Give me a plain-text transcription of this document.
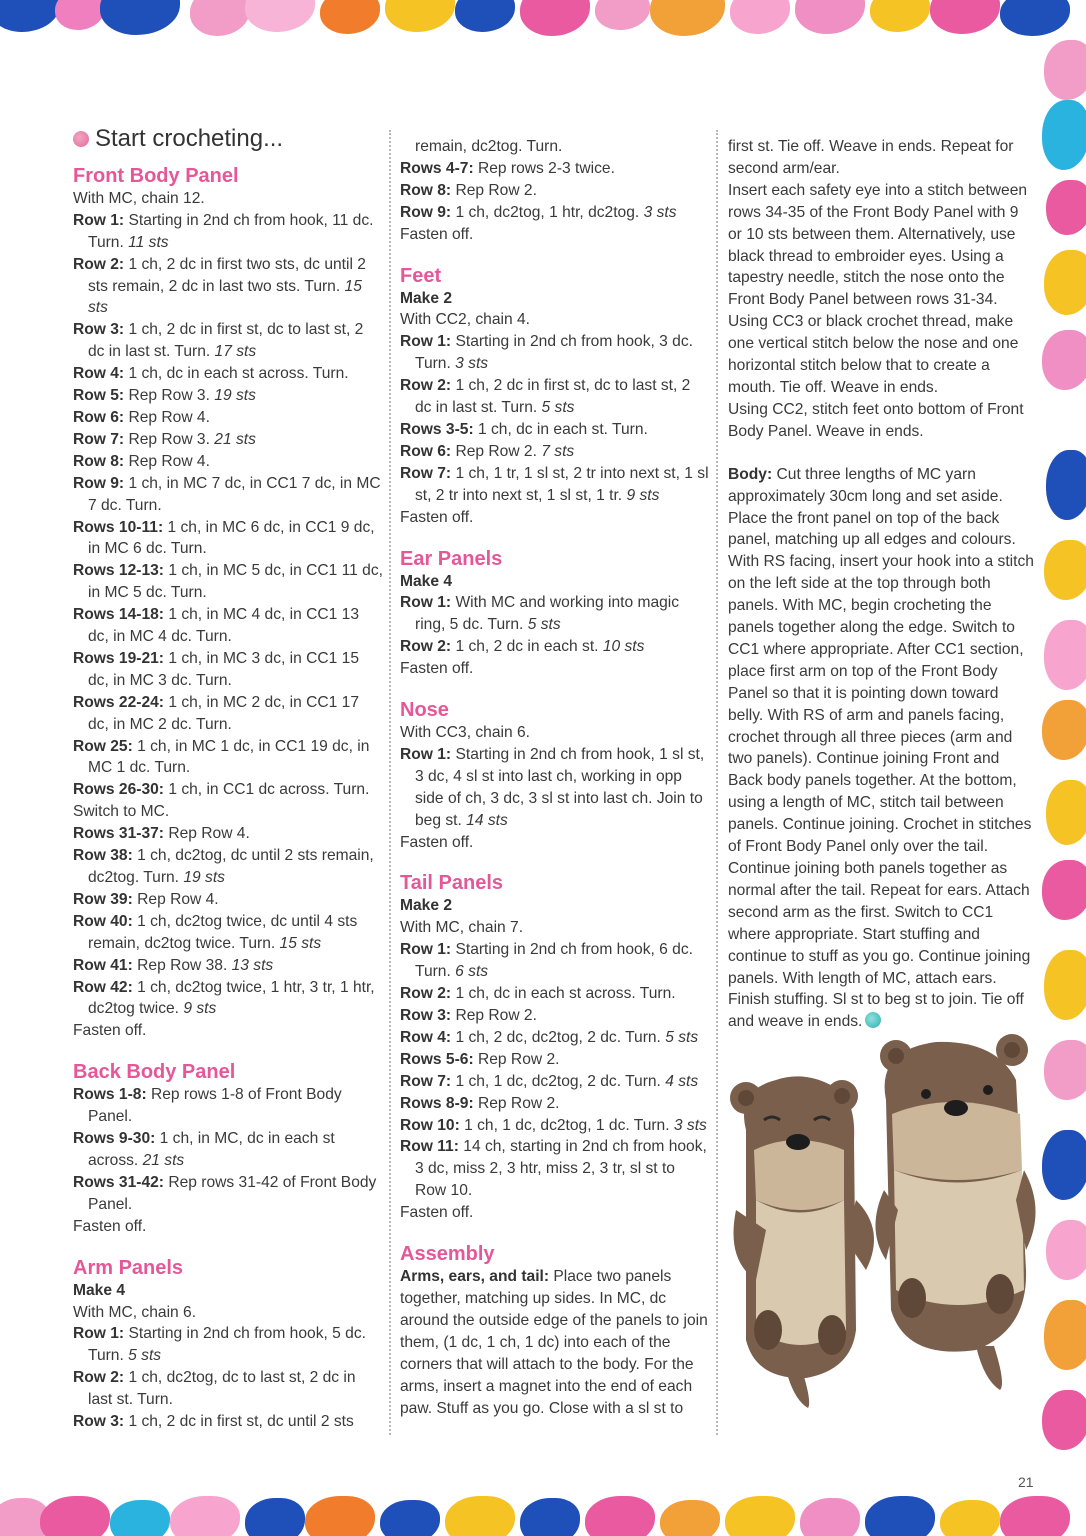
Start crocheting...
Front Body Panel

With MC, chain 12.

Row 1: Starting in 2nd ch from hook, 11 dc. Turn. 11 sts

Row 2: 1 ch, 2 dc in first two sts, dc until 2 sts remain, 2 dc in last two sts. Turn. 15 sts

Row 3: 1 ch, 2 dc in first st, dc to last st, 2 dc in last st. Turn. 17 sts

Row 4: 1 ch, dc in each st across. Turn.

Row 5: Rep Row 3. 19 sts

Row 6: Rep Row 4.

Row 7: Rep Row 3. 21 sts

Row 8: Rep Row 4.

Row 9: 1 ch, in MC 7 dc, in CC1 7 dc, in MC 7 dc. Turn.

Rows 10-11: 1 ch, in MC 6 dc, in CC1 9 dc, in MC 6 dc. Turn.

Rows 12-13: 1 ch, in MC 5 dc, in CC1 11 dc, in MC 5 dc. Turn.

Rows 14-18: 1 ch, in MC 4 dc, in CC1 13 dc, in MC 4 dc. Turn.

Rows 19-21: 1 ch, in MC 3 dc, in CC1 15 dc, in MC 3 dc. Turn.

Rows 22-24: 1 ch, in MC 2 dc, in CC1 17 dc, in MC 2 dc. Turn.

Row 25: 1 ch, in MC 1 dc, in CC1 19 dc, in MC 1 dc. Turn.

Rows 26-30: 1 ch, in CC1 dc across. Turn.

Switch to MC.

Rows 31-37: Rep Row 4.

Row 38: 1 ch, dc2tog, dc until 2 sts remain, dc2tog. Turn. 19 sts

Row 39: Rep Row 4.

Row 40: 1 ch, dc2tog twice, dc until 4 sts remain, dc2tog twice. Turn. 15 sts

Row 41: Rep Row 38. 13 sts

Row 42: 1 ch, dc2tog twice, 1 htr, 3 tr, 1 htr, dc2tog twice. 9 sts

Fasten off.

Back Body Panel

Rows 1-8: Rep rows 1-8 of Front Body Panel.

Rows 9-30: 1 ch, in MC, dc in each st across. 21 sts

Rows 31-42: Rep rows 31-42 of Front Body Panel.

Fasten off.

Arm Panels

Make 4

With MC, chain 6.

Row 1: Starting in 2nd ch from hook, 5 dc. Turn. 5 sts

Row 2: 1 ch, dc2tog, dc to last st, 2 dc in last st. Turn.

Row 3: 1 ch, 2 dc in first st, dc until 2 sts

remain, dc2tog. Turn.

Rows 4-7: Rep rows 2-3 twice.

Row 8: Rep Row 2.

Row 9: 1 ch, dc2tog, 1 htr, dc2tog. 3 sts

Fasten off.

Feet

Make 2

With CC2, chain 4.

Row 1: Starting in 2nd ch from hook, 3 dc. Turn. 3 sts

Row 2: 1 ch, 2 dc in first st, dc to last st, 2 dc in last st. Turn. 5 sts

Rows 3-5: 1 ch, dc in each st. Turn.

Row 6: Rep Row 2. 7 sts

Row 7: 1 ch, 1 tr, 1 sl st, 2 tr into next st, 1 sl st, 2 tr into next st, 1 sl st, 1 tr. 9 sts

Fasten off.

Ear Panels

Make 4

Row 1: With MC and working into magic ring, 5 dc. Turn. 5 sts

Row 2: 1 ch, 2 dc in each st. 10 sts

Fasten off.

Nose

With CC3, chain 6.

Row 1: Starting in 2nd ch from hook, 1 sl st, 3 dc, 4 sl st into last ch, working in opp side of ch, 3 dc, 3 sl st into last ch. Join to beg st. 14 sts

Fasten off.

Tail Panels

Make 2

With MC, chain 7.

Row 1: Starting in 2nd ch from hook, 6 dc. Turn. 6 sts

Row 2: 1 ch, dc in each st across. Turn.

Row 3: Rep Row 2.

Row 4: 1 ch, 2 dc, dc2tog, 2 dc. Turn. 5 sts

Rows 5-6: Rep Row 2.

Row 7: 1 ch, 1 dc, dc2tog, 2 dc. Turn. 4 sts

Rows 8-9: Rep Row 2.

Row 10: 1 ch, 1 dc, dc2tog, 1 dc. Turn. 3 sts

Row 11: 14 ch, starting in 2nd ch from hook, 3 dc, miss 2, 3 htr, miss 2, 3 tr, sl st to Row 10.

Fasten off.

Assembly

Arms, ears, and tail: Place two panels together, matching up sides. In MC, dc around the outside edge of the panels to join them, (1 dc, 1 ch, 1 dc) into each of the corners that will attach to the body. For the arms, insert a magnet into the end of each paw. Stuff as you go. Close with a sl st to

first st. Tie off. Weave in ends. Repeat for second arm/ear.

Insert each safety eye into a stitch between rows 34-35 of the Front Body Panel with 9 or 10 sts between them. Alternatively, use black thread to embroider eyes. Using a tapestry needle, stitch the nose onto the Front Body Panel between rows 31-34.

Using CC3 or black crochet thread, make one vertical stitch below the nose and one horizontal stitch below that to create a mouth. Tie off. Weave in ends.

Using CC2, stitch feet onto bottom of Front Body Panel. Weave in ends.

Body: Cut three lengths of MC yarn approximately 30cm long and set aside. Place the front panel on top of the back panel, matching up all edges and colours. With RS facing, insert your hook into a stitch on the left side at the top through both panels. With MC, begin crocheting the panels together along the edge. Switch to CC1 where appropriate. After CC1 section, place first arm on top of the Front Body Panel so that it is pointing down toward belly. With RS of arm and panels facing, crochet through all three pieces (arm and two panels). Continue joining Front and Back body panels together. At the bottom, using a length of MC, stitch tail between panels. Continue joining. Crochet in stitches of Front Body Panel only over the tail. Continue joining both panels together as normal after the tail. Repeat for ears. Attach second arm as the first. Switch to CC1 where appropriate. Start stuffing and continue to stuff as you go. Continue joining panels. With length of MC, attach ears. Finish stuffing. Sl st to beg st to join. Tie off and weave in ends.

21
